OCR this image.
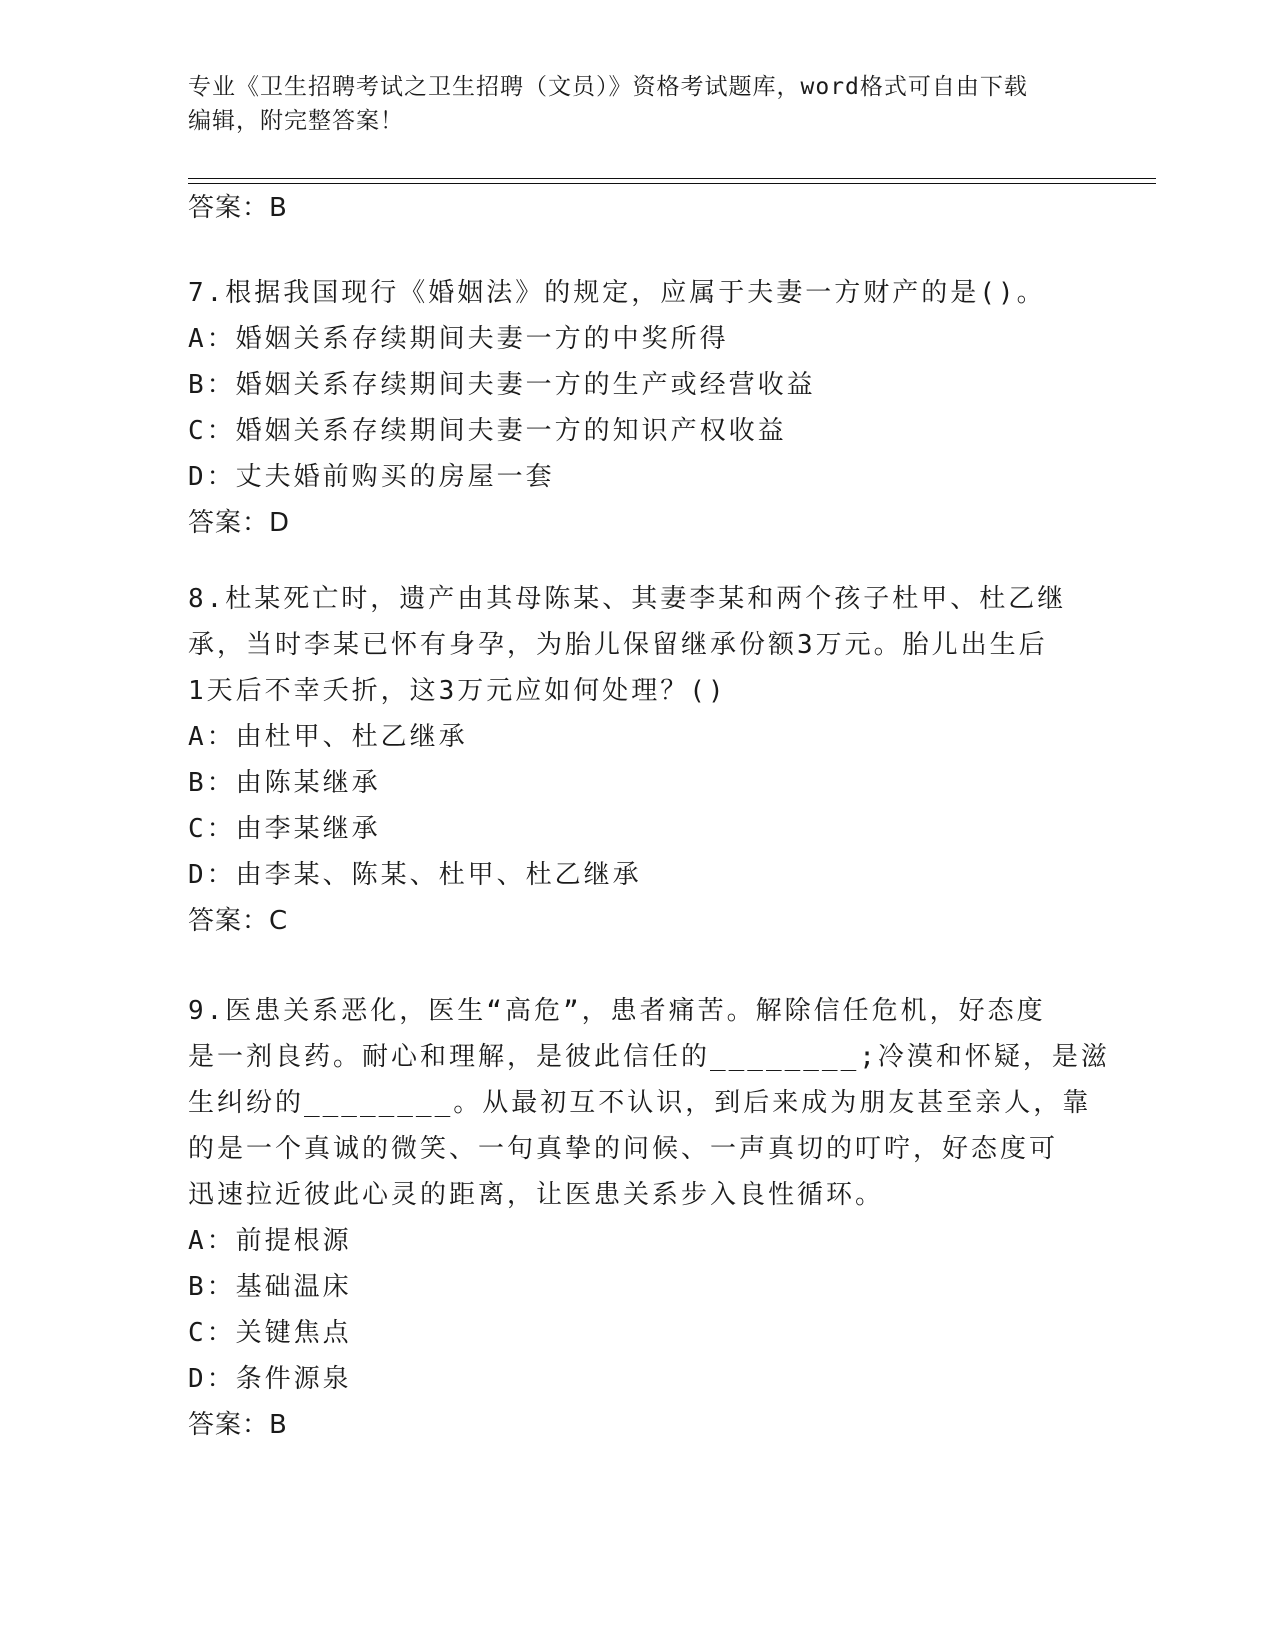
专业《卫生招聘考试之卫生招聘（文员）》资格考试题库，word格式可自由下载
编辑，附完整答案！
答案：B
7.根据我国现行《婚姻法》的规定，应属于夫妻一方财产的是()。
A：婚姻关系存续期间夫妻一方的中奖所得
B：婚姻关系存续期间夫妻一方的生产或经营收益
C：婚姻关系存续期间夫妻一方的知识产权收益
D：丈夫婚前购买的房屋一套
答案：D
8.杜某死亡时，遗产由其母陈某、其妻李某和两个孩子杜甲、杜乙继
承，当时李某已怀有身孕，为胎儿保留继承份额3万元。胎儿出生后
1天后不幸夭折，这3万元应如何处理？()
A：由杜甲、杜乙继承
B：由陈某继承
C：由李某继承
D：由李某、陈某、杜甲、杜乙继承
答案：C
9.医患关系恶化，医生“高危”，患者痛苦。解除信任危机，好态度
是一剂良药。耐心和理解，是彼此信任的________;冷漠和怀疑，是滋
生纠纷的________。从最初互不认识，到后来成为朋友甚至亲人，靠
的是一个真诚的微笑、一句真挚的问候、一声真切的叮咛，好态度可
迅速拉近彼此心灵的距离，让医患关系步入良性循环。
A：前提根源
B：基础温床
C：关键焦点
D：条件源泉
答案：B
